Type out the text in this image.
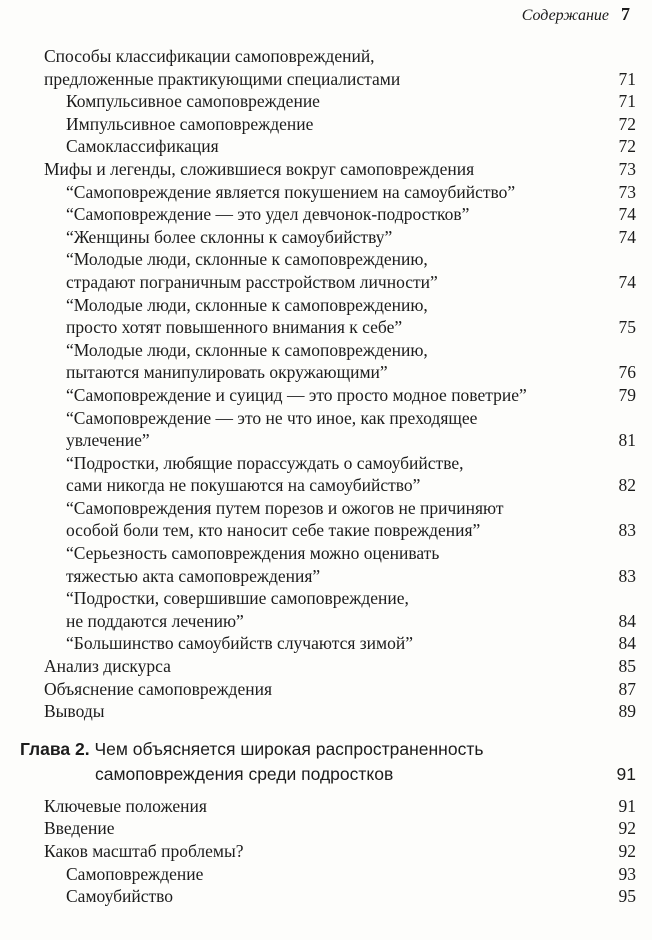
Содержание 7
Способы классификации самоповреждений,
предложенные практикующими специалистами	71
Компульсивное самоповреждение	71
Импульсивное самоповреждение	72
Самоклассификация	72
Мифы и легенды, сложившиеся вокруг самоповреждения	73
“Самоповреждение является покушением на самоубийство”	73
“Самоповреждение — это удел девчонок-подростков”	74
“Женщины более склонны к самоубийству”	74
“Молодые люди, склонные к самоповреждению,
страдают пограничным расстройством личности”	74
“Молодые люди, склонные к самоповреждению,
просто хотят повышенного внимания к себе”	75
“Молодые люди, склонные к самоповреждению,
пытаются манипулировать окружающими”	76
“Самоповреждение и суицид — это просто модное поветрие”	79
“Самоповреждение — это не что иное, как преходящее
увлечение”	81
“Подростки, любящие порассуждать о самоубийстве,
сами никогда не покушаются на самоубийство”	82
“Самоповреждения путем порезов и ожогов не причиняют
особой боли тем, кто наносит себе такие повреждения”	83
“Серьезность самоповреждения можно оценивать
тяжестью акта самоповреждения”	83
“Подростки, совершившие самоповреждение,
не поддаются лечению”	84
“Большинство самоубийств случаются зимой”	84
Анализ дискурса	85
Объяснение самоповреждения	87
Выводы	89
Глава 2. Чем объясняется широкая распространенность
самоповреждения среди подростков	91
Ключевые положения	91
Введение	92
Каков масштаб проблемы?	92
Самоповреждение	93
Самоубийство	95
